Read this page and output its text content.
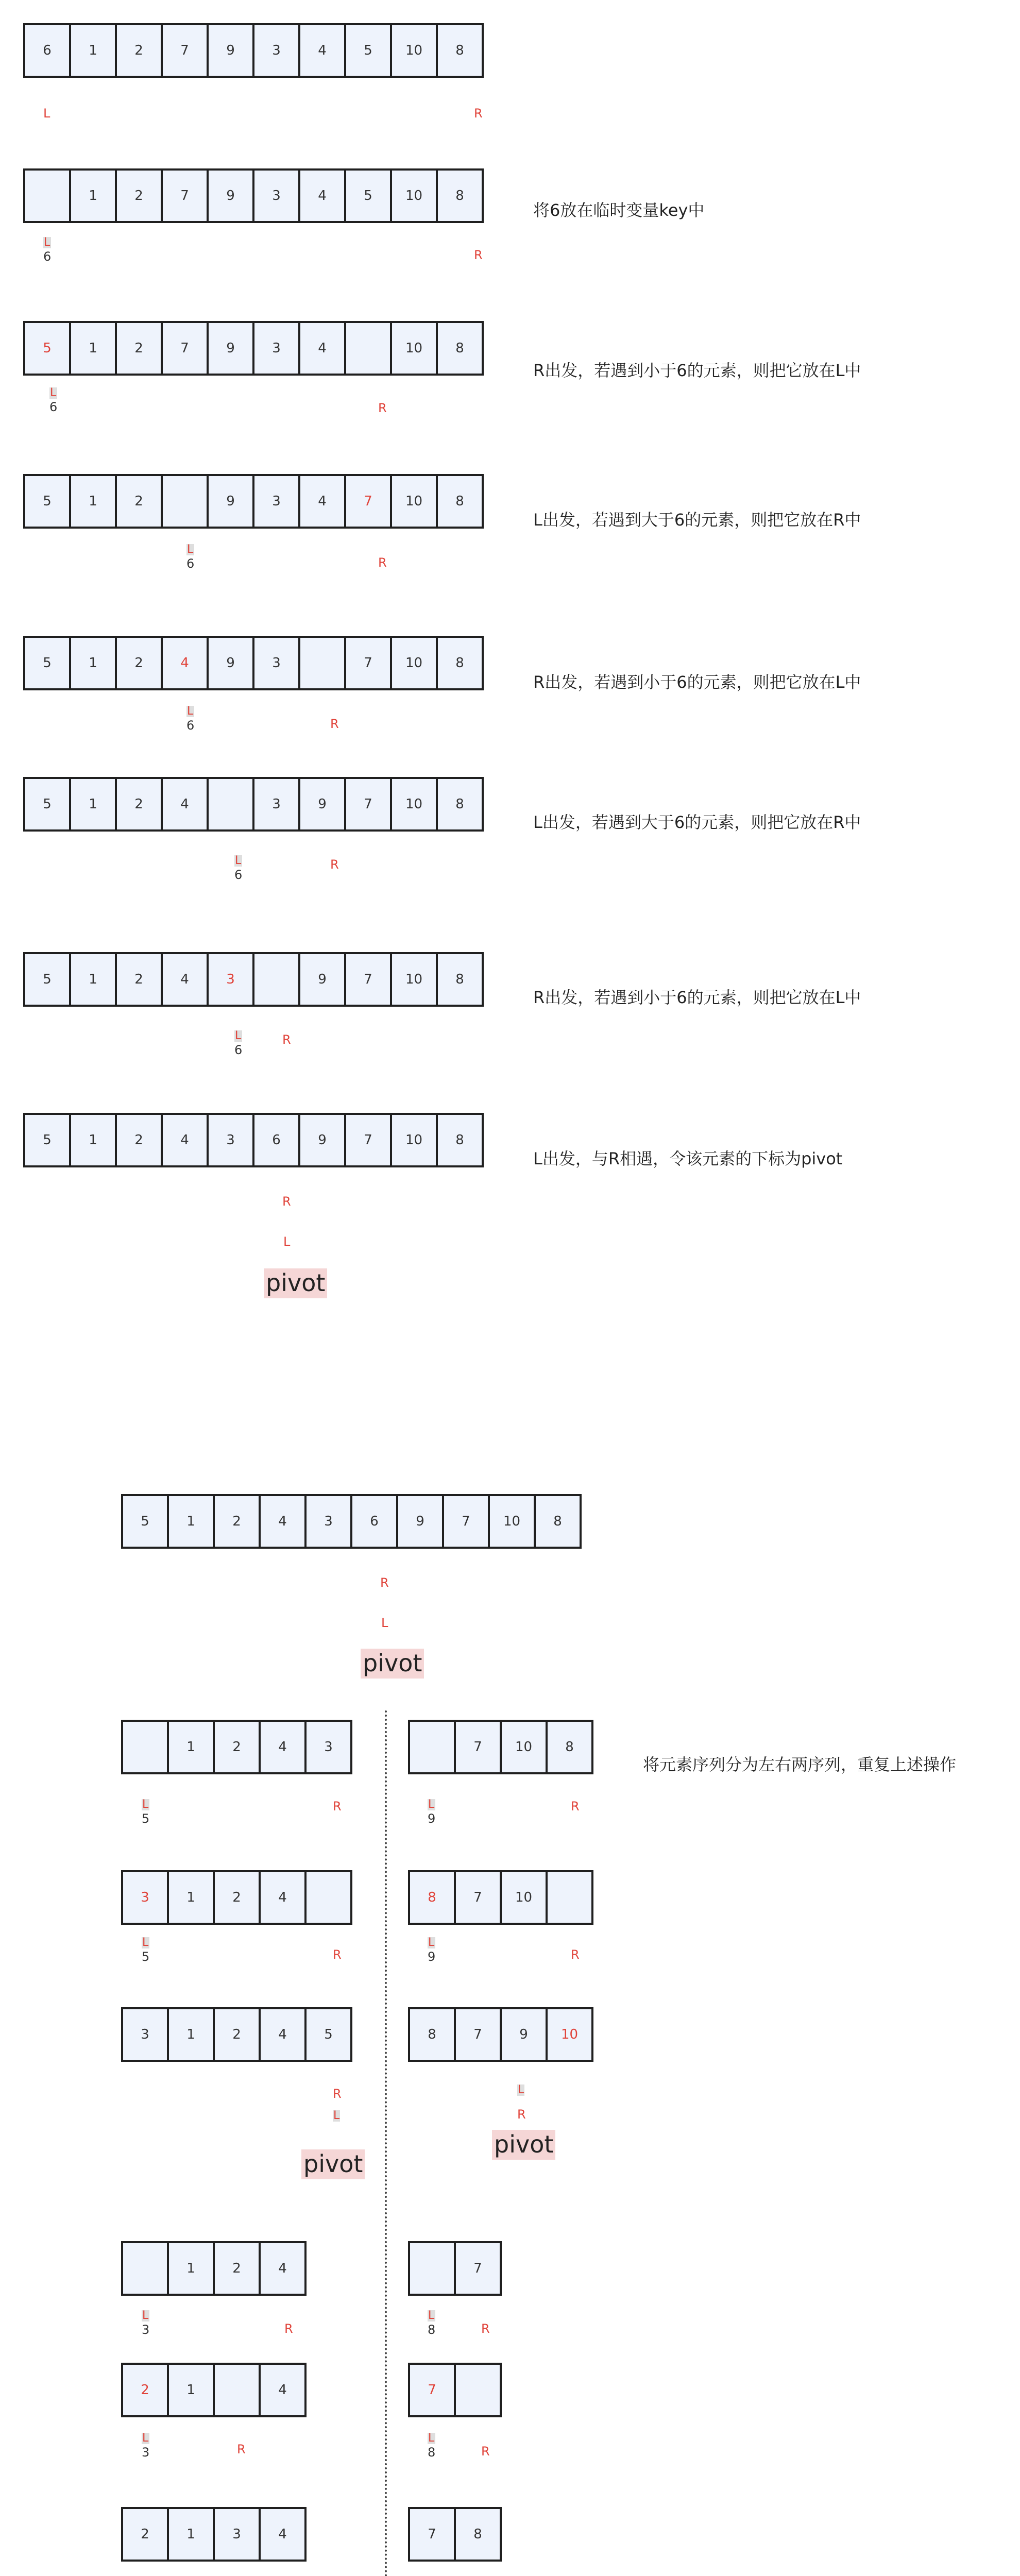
6	1	2	7	9	3	4	5	10	8
L	R
1	2	7	9	3	4	5	10	8
将6放在临时变量key中
L
6	R
5	1	2	7	9	3	4	10	8
R出发，若遇到小于6的元素，则把它放在L中
L
6	R
5	1	2	9	3	4	7	10	8
L出发，若遇到大于6的元素，则把它放在R中
L
6	R
5	1	2	4	9	3	7	10	8
R出发，若遇到小于6的元素，则把它放在L中
L
6	R
5	1	2	4	3	9	7	10	8
L出发，若遇到大于6的元素，则把它放在R中
L
6
R
5	1	2	4	3	9	7	10	8
R出发，若遇到小于6的元素，则把它放在L中
L
6
R
5	1	2	4	3	6	9	7	10	8
L出发，与R相遇，令该元素的下标为pivot
R
L
pivot
5	1	2	4	3	6	9	7	10	8
R
L
pivot
1	2	4	3	7	10	8
将元素序列分为左右两序列，重复上述操作
L
5
R	L
9
R
3	1	2	4	8	7	10
L
5	R
L
9	R
3	1	2	4	5	8	7	9	10
R
L
pivot
L
R
pivot
1	2	4	7
L
3	R
L
8	R
2	1	4	7
L
3	R
L
8	R
2	1	3	4	7	8
